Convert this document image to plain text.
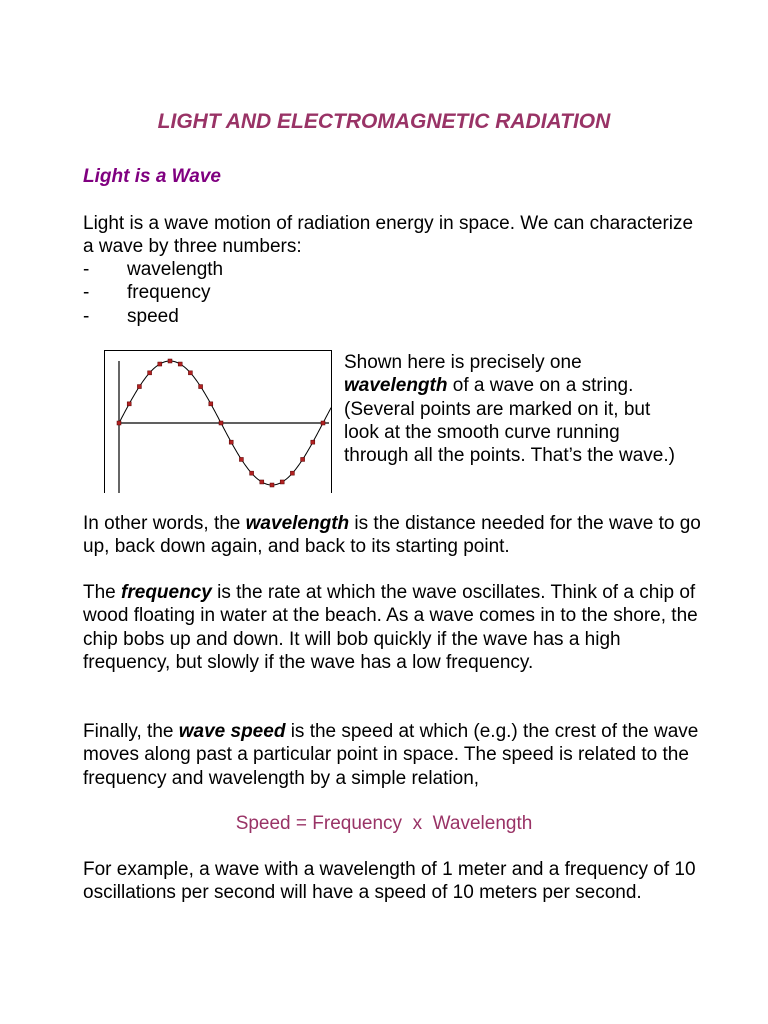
LIGHT AND ELECTROMAGNETIC RADIATION
Light is a Wave

Light is a wave motion of radiation energy in space. We can characterize a wave by three numbers:

- wavelength
- frequency
- speed
Shown here is precisely one wavelength of a wave on a string. (Several points are marked on it, but look at the smooth curve running through all the points. That’s the wave.)

In other words, the wavelength is the distance needed for the wave to go up, back down again, and back to its starting point.

The frequency is the rate at which the wave oscillates. Think of a chip of wood floating in water at the beach. As a wave comes in to the shore, the chip bobs up and down. It will bob quickly if the wave has a high frequency, but slowly if the wave has a low frequency.

Finally, the wave speed is the speed at which (e.g.) the crest of the wave moves along past a particular point in space. The speed is related to the frequency and wavelength by a simple relation,

Speed = Frequency  x  Wavelength

For example, a wave with a wavelength of 1 meter and a frequency of 10 oscillations per second will have a speed of 10 meters per second.
